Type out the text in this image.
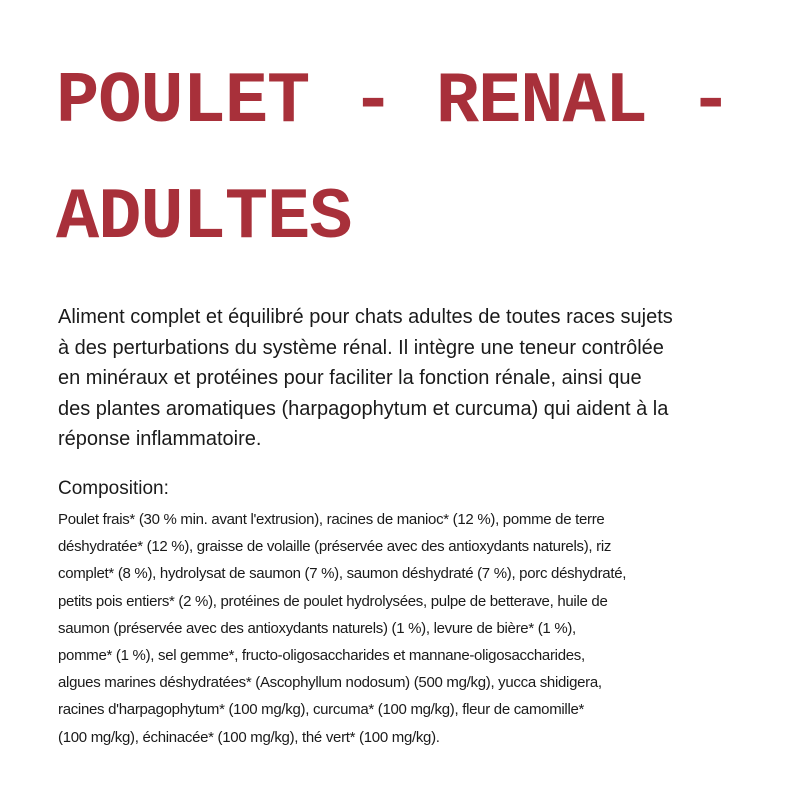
POULET - RENAL -
ADULTES
Aliment complet et équilibré pour chats adultes de toutes races sujets
à des perturbations du système rénal. Il intègre une teneur contrôlée
en minéraux et protéines pour faciliter la fonction rénale, ainsi que
des plantes aromatiques (harpagophytum et curcuma) qui aident à la
réponse inflammatoire.
Composition:
Poulet frais* (30 % min. avant l'extrusion), racines de manioc* (12 %), pomme de terre
déshydratée* (12 %), graisse de volaille (préservée avec des antioxydants naturels), riz
complet* (8 %), hydrolysat de saumon (7 %), saumon déshydraté (7 %), porc déshydraté,
petits pois entiers* (2 %), protéines de poulet hydrolysées, pulpe de betterave, huile de
saumon (préservée avec des antioxydants naturels) (1 %), levure de bière* (1 %),
pomme* (1 %), sel gemme*, fructo-oligosaccharides et mannane-oligosaccharides,
algues marines déshydratées* (Ascophyllum nodosum) (500 mg/kg), yucca shidigera,
racines d'harpagophytum* (100 mg/kg), curcuma* (100 mg/kg), fleur de camomille*
(100 mg/kg), échinacée* (100 mg/kg), thé vert* (100 mg/kg).
